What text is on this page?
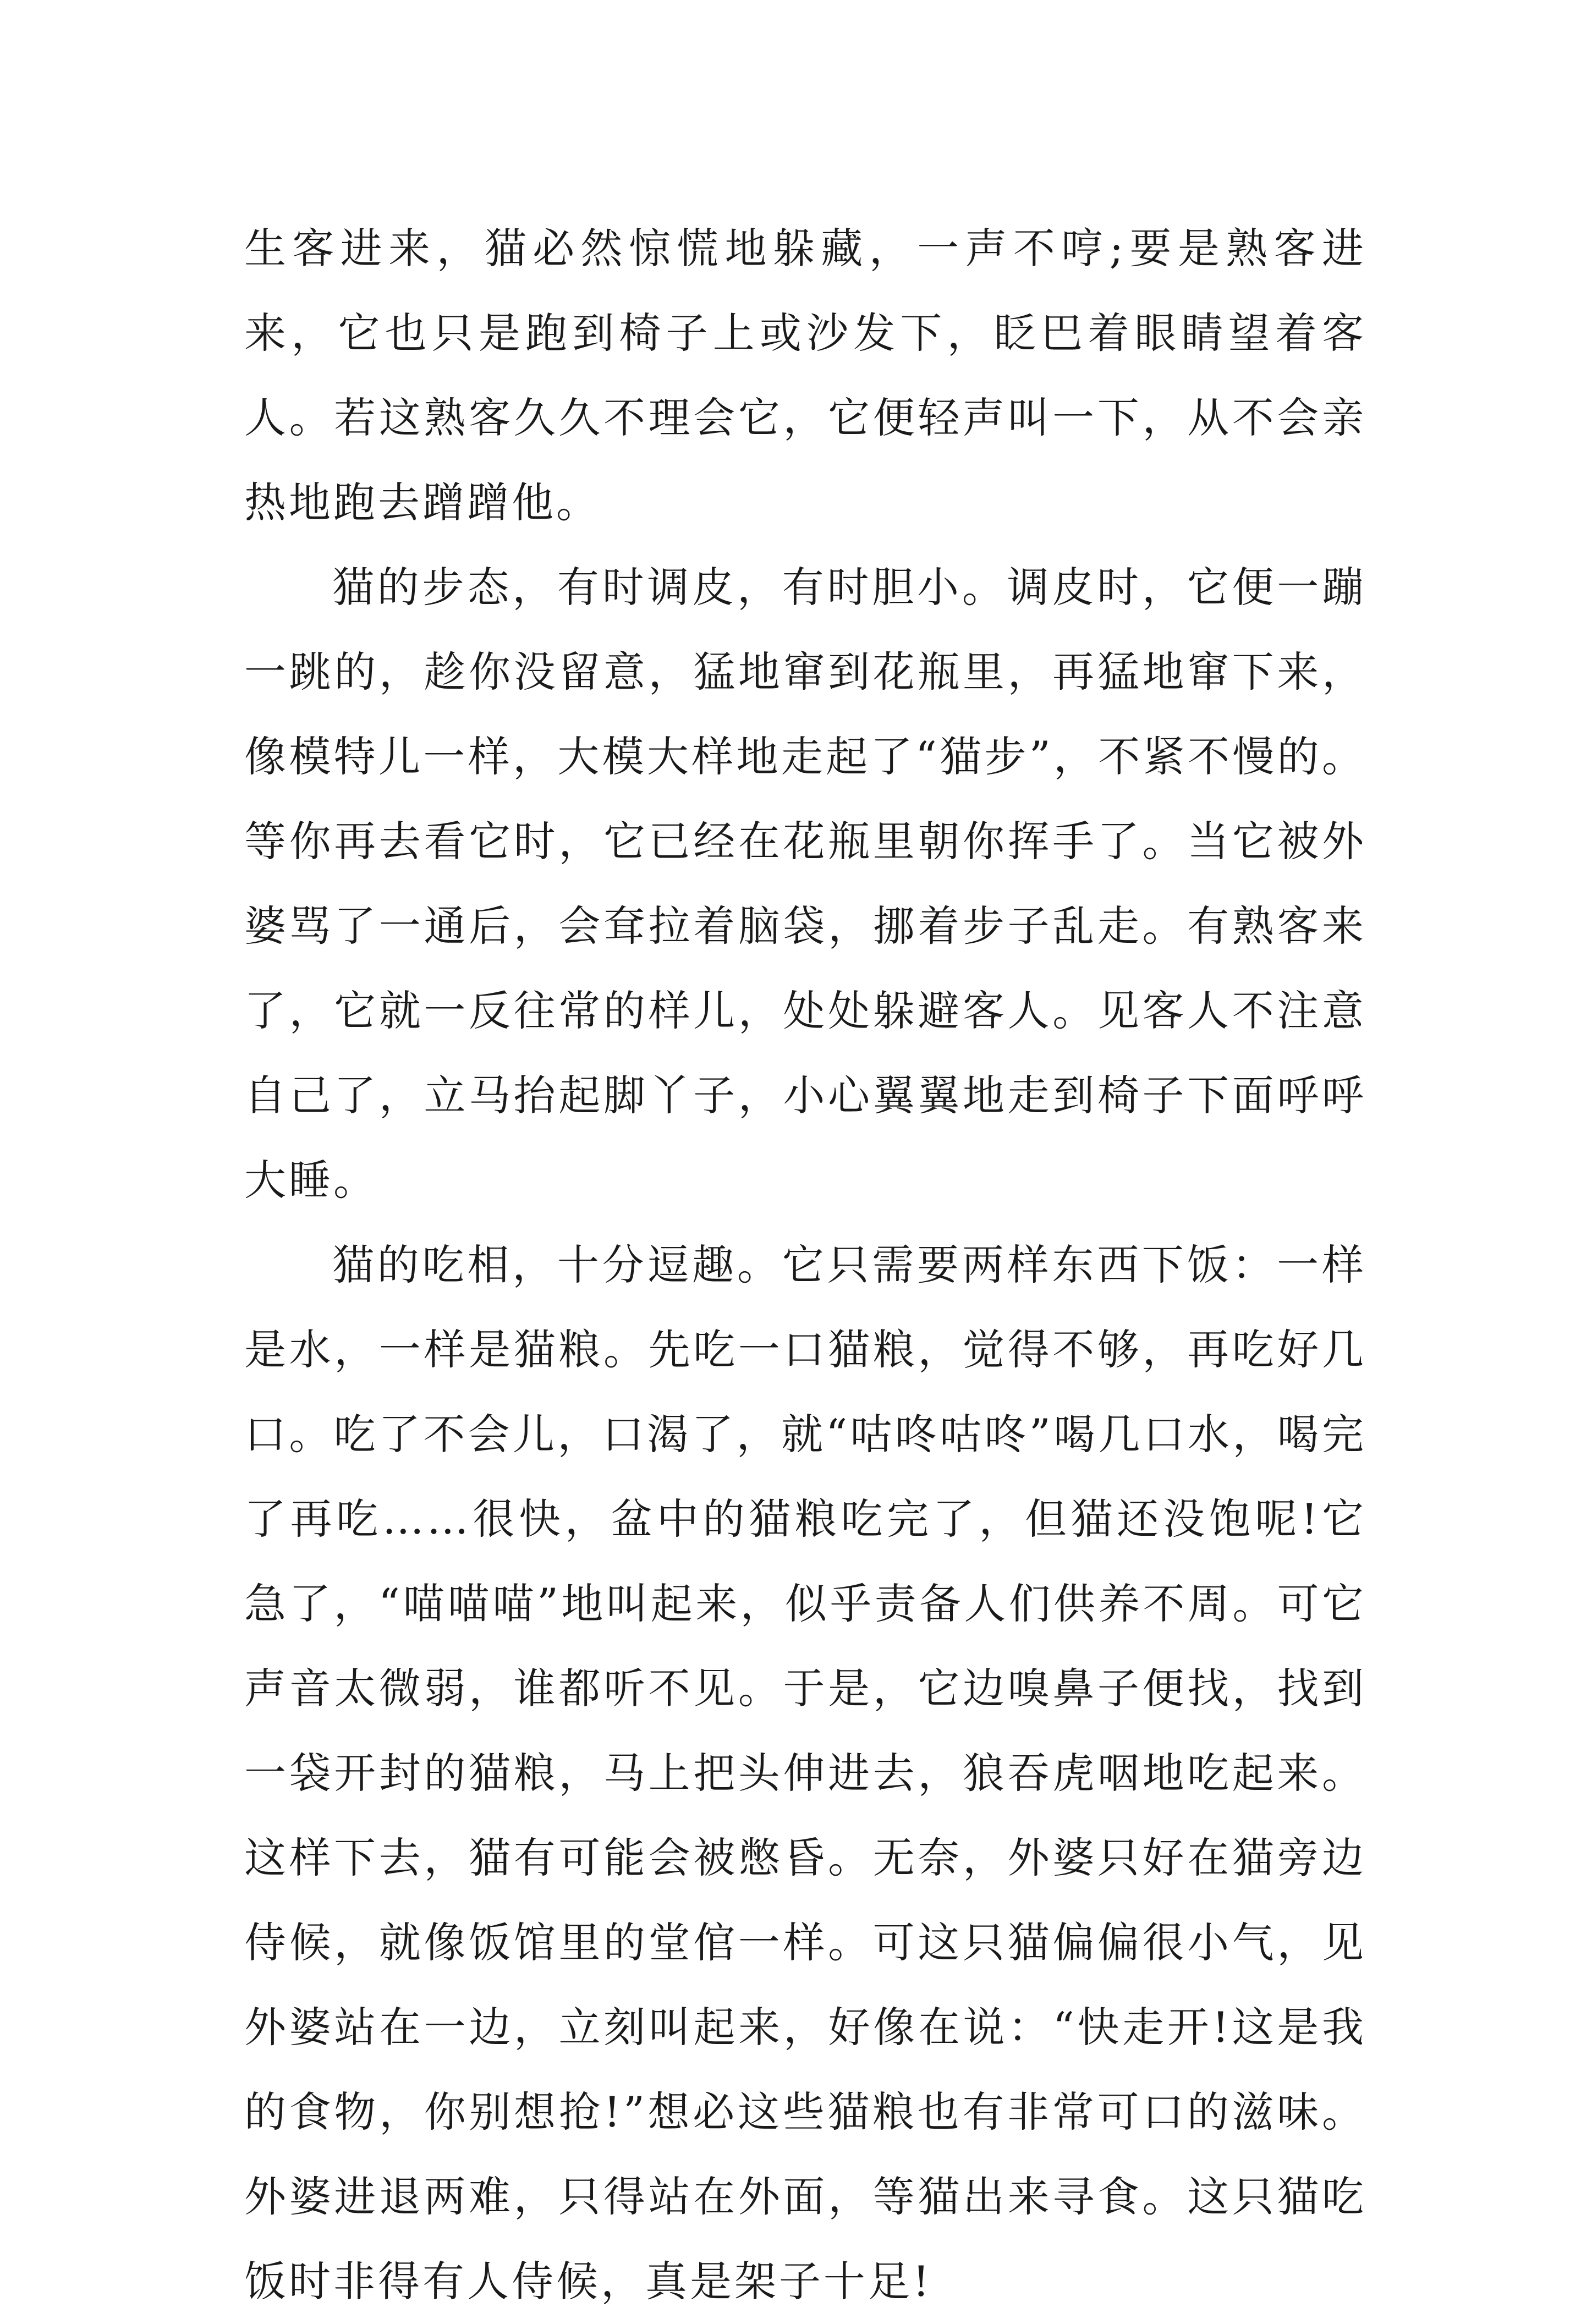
生客进来，猫必然惊慌地躲藏，一声不哼;要是熟客进来，它也只是跑到椅子上或沙发下，眨巴着眼睛望着客人。若这熟客久久不理会它，它便轻声叫一下，从不会亲热地跑去蹭蹭他。

猫的步态，有时调皮，有时胆小。调皮时，它便一蹦一跳的，趁你没留意，猛地窜到花瓶里，再猛地窜下来，像模特儿一样，大模大样地走起了“猫步”，不紧不慢的。等你再去看它时，它已经在花瓶里朝你挥手了。当它被外婆骂了一通后，会耷拉着脑袋，挪着步子乱走。有熟客来了，它就一反往常的样儿，处处躲避客人。见客人不注意自己了，立马抬起脚丫子，小心翼翼地走到椅子下面呼呼大睡。

猫的吃相，十分逗趣。它只需要两样东西下饭：一样是水，一样是猫粮。先吃一口猫粮，觉得不够，再吃好几口。吃了不会儿，口渴了，就“咕咚咕咚”喝几口水，喝完了再吃……很快，盆中的猫粮吃完了，但猫还没饱呢!它急了，“喵喵喵”地叫起来，似乎责备人们供养不周。可它声音太微弱，谁都听不见。于是，它边嗅鼻子便找，找到一袋开封的猫粮，马上把头伸进去，狼吞虎咽地吃起来。这样下去，猫有可能会被憋昏。无奈，外婆只好在猫旁边侍候，就像饭馆里的堂倌一样。可这只猫偏偏很小气，见外婆站在一边，立刻叫起来，好像在说：“快走开!这是我的食物，你别想抢!”想必这些猫粮也有非常可口的滋味。外婆进退两难，只得站在外面，等猫出来寻食。这只猫吃饭时非得有人侍候，真是架子十足!
